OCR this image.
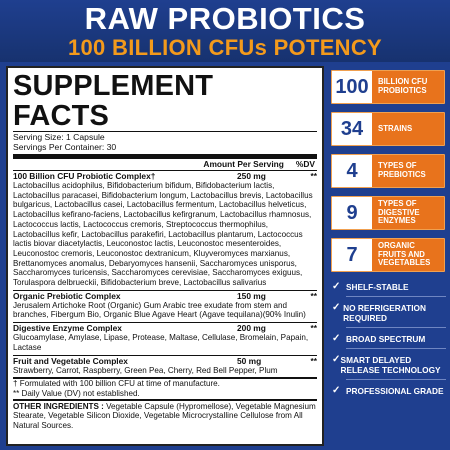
RAW PROBIOTICS
100 BILLION CFUs POTENCY
SUPPLEMENT FACTS
Serving Size: 1 Capsule
Servings Per Container: 30
Amount Per Serving %DV
100 Billion CFU Probiotic Complex†	250 mg	**
Lactobacillus acidophilus, Bifidobacterium bifidum, Bifidobacterium lactis, Lactobacillus paracasei, Bifidobacterium longum, Lactobacillus brevis, Lactobacillus bulgaricus, Lactobacillus casei, Lactobacillus fermentum, Lactobacillus helveticus, Lactobacillus kefirano-faciens, Lactobacillus kefirgranum, Lactobacillus rhamnosus, Lactococcus lactis, Lactococcus cremoris, Streptococcus thermophilus, Lactobacillus kefir, Lactobacillus parakefiri, Lactobacillus plantarum, Lactococcus lactis biovar diacetylactis, Leuconostoc lactis, Leuconostoc mesenteroides, Leuconostoc cremoris, Leuconostoc dextranicum, Kluyveromyces marxianus, Brettanomyces anomalus, Debaryomyces hansenii, Saccharomyces unisporus, Saccharomyces turicensis, Saccharomyces cerevisiae, Saccharomyces exiguus, Torulaspora delbrueckii, Bifidobacterium breve, Lactobacillus salivarius
Organic Prebiotic Complex	150 mg	**
Jerusalem Artichoke Root (Organic) Gum Arabic tree exudate from stem and branches, Fibergum Bio, Organic Blue Agave Heart (Agave tequilana)(90% Inulin)
Digestive Enzyme Complex	200 mg	**
Glucoamylase, Amylase, Lipase, Protease, Maltase, Cellulase, Bromelain, Papain, Lactase
Fruit and Vegetable Complex	50 mg	**
Strawberry, Carrot, Raspberry, Green Pea, Cherry, Red Bell Pepper, Plum
† Formulated with 100 billion CFU at time of manufacture.
** Daily Value (DV) not established.
OTHER INGREDIENTS : Vegetable Capsule (Hypromellose), Vegetable Magnesium Stearate, Vegetable Silicon Dioxide, Vegetable Microcrystalline Cellulose from All Natural Sources.
100	BILLION CFU
PROBIOTICS
34	STRAINS
4	TYPES OF
PREBIOTICS
9	TYPES OF
DIGESTIVE
ENZYMES
7	ORGANIC
FRUITS AND
VEGETABLES
✓ SHELF-STABLE
✓ NO REFRIGERATION REQUIRED
✓ BROAD SPECTRUM
✓ SMART DELAYED RELEASE TECHNOLOGY
✓ PROFESSIONAL GRADE
